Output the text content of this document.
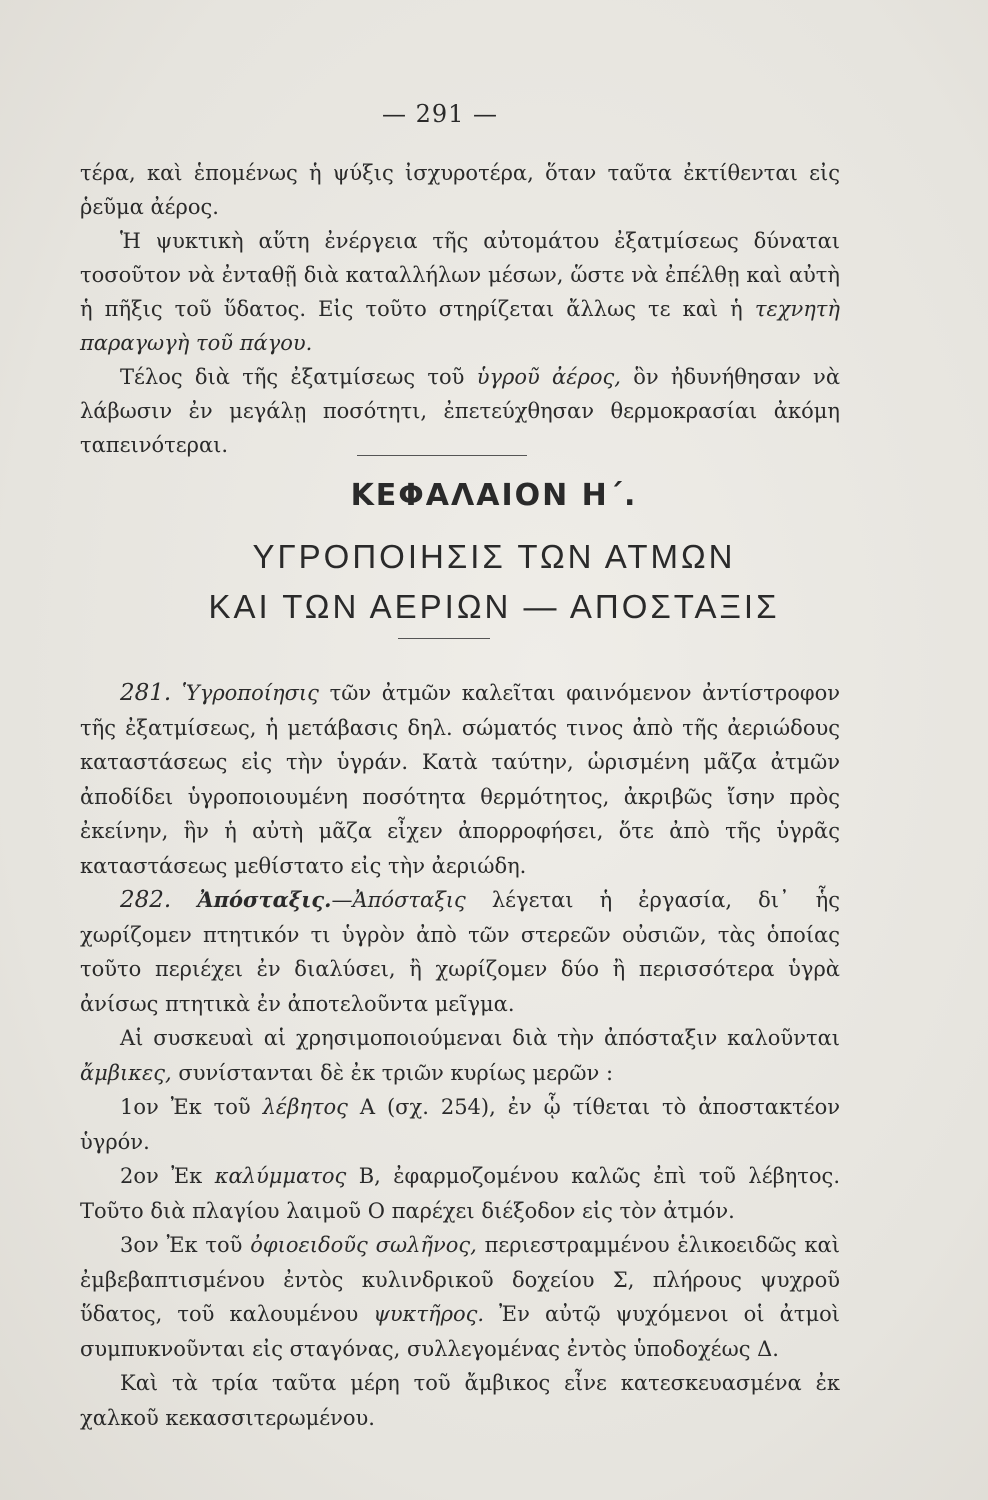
— 291 —

τέρα, καὶ ἑπομένως ἡ ψύξις ἰσχυροτέρα, ὅταν ταῦτα ἐκτίθενται εἰς ῥεῦμα ἀέρος.

Ἡ ψυκτικὴ αὕτη ἐνέργεια τῆς αὐτομάτου ἐξατμίσεως δύναται τοσοῦτον νὰ ἐνταθῇ διὰ καταλλήλων μέσων, ὥστε νὰ ἐπέλθῃ καὶ αὐτὴ ἡ πῆξις τοῦ ὕδατος. Εἰς τοῦτο στηρίζεται ἄλλως τε καὶ ἡ τεχνητὴ παραγωγὴ τοῦ πάγου.

Τέλος διὰ τῆς ἐξατμίσεως τοῦ ὑγροῦ ἀέρος, ὃν ἠδυνήθησαν νὰ λάβωσιν ἐν μεγάλῃ ποσότητι, ἐπετεύχθησαν θερμοκρασίαι ἀκόμη ταπεινότεραι.

ΚΕΦΑΛΑΙΟΝ Η΄.
ΥΓΡΟΠΟΙΗΣΙΣ ΤΩΝ ΑΤΜΩΝ
ΚΑΙ ΤΩΝ ΑΕΡΙΩΝ — ΑΠΟΣΤΑΞΙΣ

281. Ὑγροποίησις τῶν ἀτμῶν καλεῖται φαινόμενον ἀντίστροφον τῆς ἐξατμίσεως, ἡ μετάβασις δηλ. σώματός τινος ἀπὸ τῆς ἀεριώδους καταστάσεως εἰς τὴν ὑγράν. Κατὰ ταύτην, ὡρισμένη μᾶζα ἀτμῶν ἀποδίδει ὑγροποιουμένη ποσότητα θερμότητος, ἀκριβῶς ἴσην πρὸς ἐκείνην, ἣν ἡ αὐτὴ μᾶζα εἶχεν ἀπορροφήσει, ὅτε ἀπὸ τῆς ὑγρᾶς καταστάσεως μεθίστατο εἰς τὴν ἀεριώδη.

282. Ἀπόσταξις.—Ἀπόσταξις λέγεται ἡ ἐργασία, δι᾽ ἧς χωρίζομεν πτητικόν τι ὑγρὸν ἀπὸ τῶν στερεῶν οὐσιῶν, τὰς ὁποίας τοῦτο περιέχει ἐν διαλύσει, ἢ χωρίζομεν δύο ἢ περισσότερα ὑγρὰ ἀνίσως πτητικὰ ἐν ἀποτελοῦντα μεῖγμα.

Αἱ συσκευαὶ αἱ χρησιμοποιούμεναι διὰ τὴν ἀπόσταξιν καλοῦνται ἄμβικες, συνίστανται δὲ ἐκ τριῶν κυρίως μερῶν :

1ον Ἐκ τοῦ λέβητος Α (σχ. 254), ἐν ᾧ τίθεται τὸ ἀποστακτέον ὑγρόν.

2ον Ἐκ καλύμματος Β, ἐφαρμοζομένου καλῶς ἐπὶ τοῦ λέβητος. Τοῦτο διὰ πλαγίου λαιμοῦ Ο παρέχει διέξοδον εἰς τὸν ἀτμόν.

3ον Ἐκ τοῦ ὀφιοειδοῦς σωλῆνος, περιεστραμμένου ἑλικοειδῶς καὶ ἐμβεβαπτισμένου ἐντὸς κυλινδρικοῦ δοχείου Σ, πλήρους ψυχροῦ ὕδατος, τοῦ καλουμένου ψυκτῆρος. Ἐν αὐτῷ ψυχόμενοι οἱ ἀτμοὶ συμπυκνοῦνται εἰς σταγόνας, συλλεγομένας ἐντὸς ὑποδοχέως Δ.

Καὶ τὰ τρία ταῦτα μέρη τοῦ ἄμβικος εἶνε κατεσκευασμένα ἐκ χαλκοῦ κεκασσιτερωμένου.
